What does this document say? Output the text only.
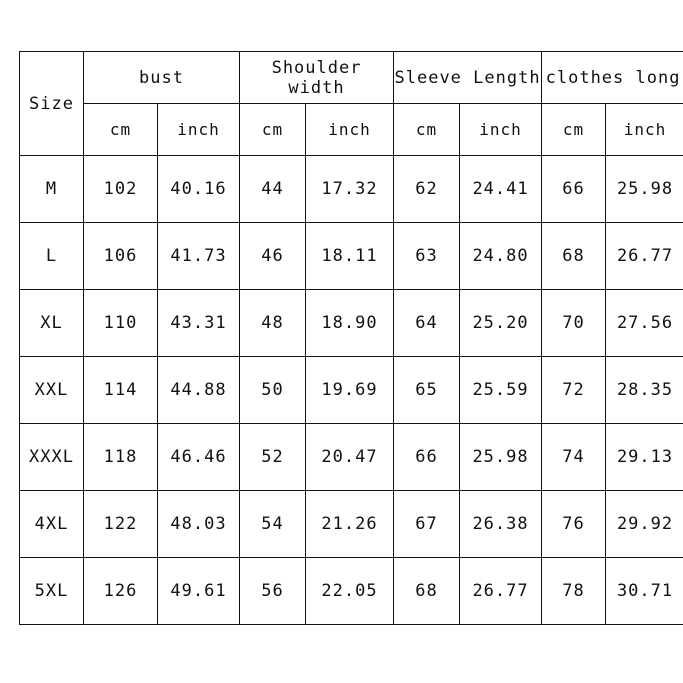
Size	bust		Shoulder width		Sleeve Length		clothes long	
	cm	inch	cm	inch	cm	inch	cm	inch
M	102	40.16	44	17.32	62	24.41	66	25.98
L	106	41.73	46	18.11	63	24.80	68	26.77
XL	110	43.31	48	18.90	64	25.20	70	27.56
XXL	114	44.88	50	19.69	65	25.59	72	28.35
XXXL	118	46.46	52	20.47	66	25.98	74	29.13
4XL	122	48.03	54	21.26	67	26.38	76	29.92
5XL	126	49.61	56	22.05	68	26.77	78	30.71
